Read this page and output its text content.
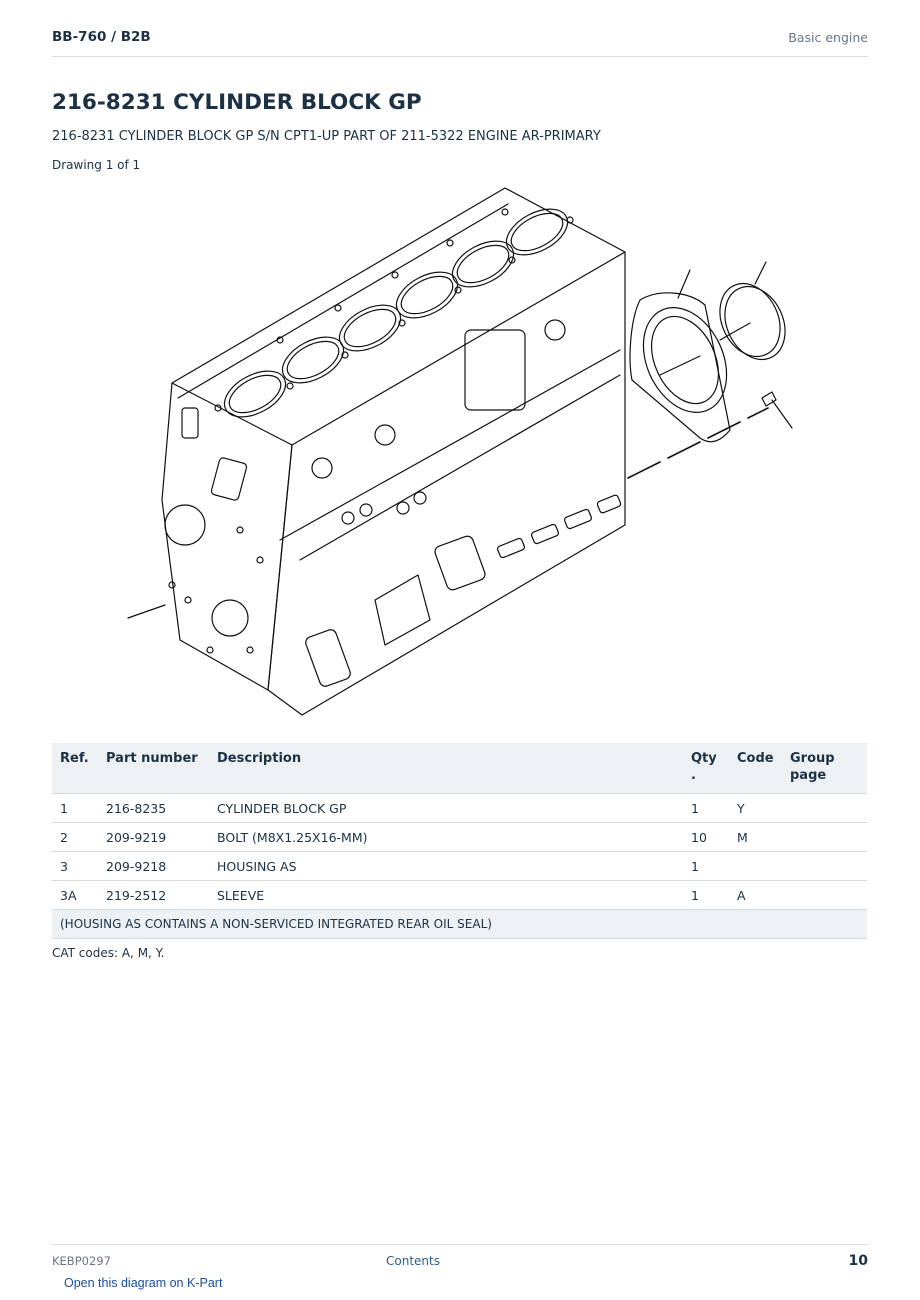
BB-760 / B2B	Basic engine
216-8231 CYLINDER BLOCK GP
216-8231 CYLINDER BLOCK GP S/N CPT1-UP PART OF 211-5322 ENGINE AR-PRIMARY
Drawing 1 of 1
Ref.	Part number	Description	Qty .	Code	Group page
1	216-8235	CYLINDER BLOCK GP	1	Y	
2	209-9219	BOLT (M8X1.25X16-MM)	10	M	
3	209-9218	HOUSING AS	1		
3A	219-2512	SLEEVE	1	A	
(HOUSING AS CONTAINS A NON-SERVICED INTEGRATED REAR OIL SEAL)					
CAT codes: A, M, Y.
KEBP0297	Contents	10
Open this diagram on K-Part
